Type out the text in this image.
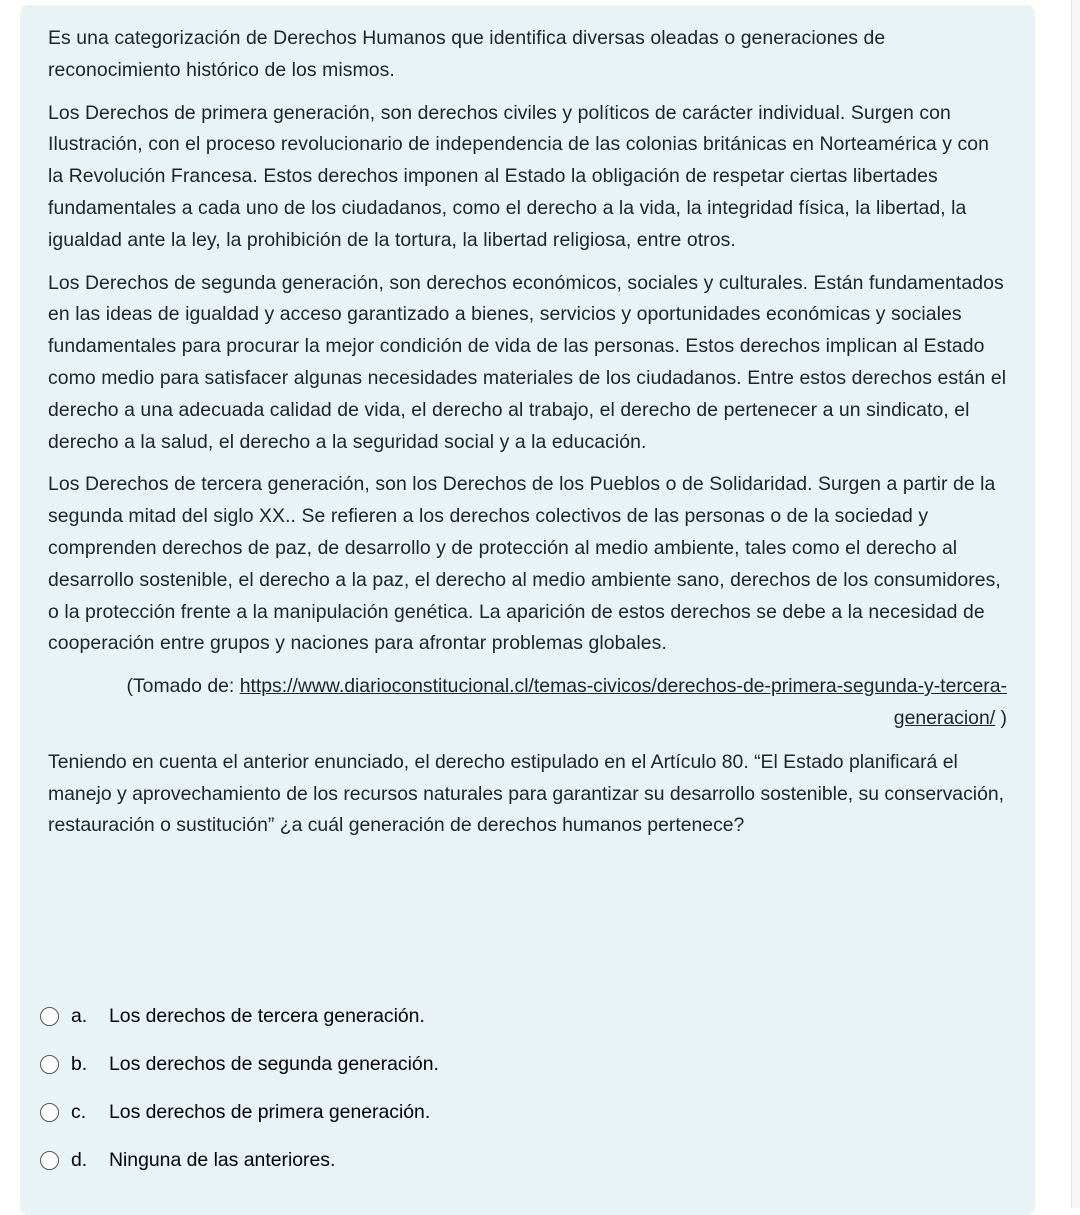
Es una categorización de Derechos Humanos que identifica diversas oleadas o generaciones de reconocimiento histórico de los mismos.

Los Derechos de primera generación, son derechos civiles y políticos de carácter individual. Surgen con Ilustración, con el proceso revolucionario de independencia de las colonias británicas en Norteamérica y con la Revolución Francesa. Estos derechos imponen al Estado la obligación de respetar ciertas libertades fundamentales a cada uno de los ciudadanos, como el derecho a la vida, la integridad física, la libertad, la igualdad ante la ley, la prohibición de la tortura, la libertad religiosa, entre otros.

Los Derechos de segunda generación, son derechos económicos, sociales y culturales. Están fundamentados en las ideas de igualdad y acceso garantizado a bienes, servicios y oportunidades económicas y sociales fundamentales para procurar la mejor condición de vida de las personas. Estos derechos implican al Estado como medio para satisfacer algunas necesidades materiales de los ciudadanos. Entre estos derechos están el derecho a una adecuada calidad de vida, el derecho al trabajo, el derecho de pertenecer a un sindicato, el derecho a la salud, el derecho a la seguridad social y a la educación.

Los Derechos de tercera generación, son los Derechos de los Pueblos o de Solidaridad. Surgen a partir de la segunda mitad del siglo XX.. Se refieren a los derechos colectivos de las personas o de la sociedad y comprenden derechos de paz, de desarrollo y de protección al medio ambiente, tales como el derecho al desarrollo sostenible, el derecho a la paz, el derecho al medio ambiente sano, derechos de los consumidores, o la protección frente a la manipulación genética. La aparición de estos derechos se debe a la necesidad de cooperación entre grupos y naciones para afrontar problemas globales.

(Tomado de: https://www.diarioconstitucional.cl/temas-civicos/derechos-de-primera-segunda-y-tercera-generacion/ )

Teniendo en cuenta el anterior enunciado, el derecho estipulado en el Artículo 80. “El Estado planificará el manejo y aprovechamiento de los recursos naturales para garantizar su desarrollo sostenible, su conservación, restauración o sustitución” ¿a cuál generación de derechos humanos pertenece?

a.	Los derechos de tercera generación.
b.	Los derechos de segunda generación.
c.	Los derechos de primera generación.
d.	Ninguna de las anteriores.
